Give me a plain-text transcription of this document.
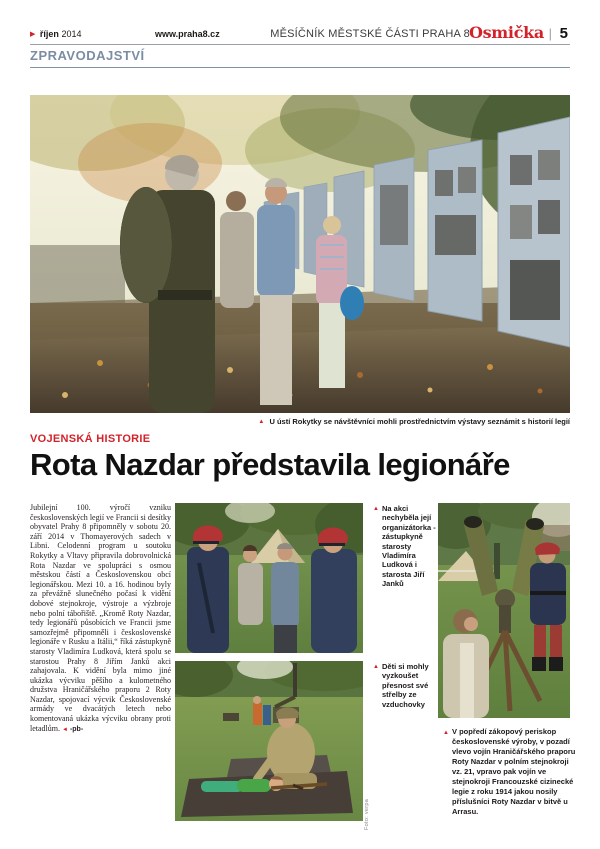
▶ říjen 2014	www.praha8.cz	MĚSÍČNÍK MĚSTSKÉ ČÁSTI PRAHA 8
Osmička | 5
ZPRAVODAJSTVÍ
▲ U ústí Rokytky se návštěvníci mohli prostřednictvím výstavy seznámit s historií legií
VOJENSKÁ HISTORIE
Rota Nazdar představila legionáře

Jubilejní 100. výročí vzniku československých legií ve Francii si desítky obyvatel Prahy 8 připomněly v sobotu 20. září 2014 v Thomayerových sadech v Libni. Celodenní program u soutoku Rokytky a Vltavy připravila dobrovolnická Rota Nazdar ve spolupráci s osmou městskou částí a Československou obcí legionářskou. Mezi 10. a 16. hodinou byly za převážně slunečného počasí k vidění dobové stejnokroje, výstroje a výzbroje nebo polní tábořiště. „Kromě Roty Nazdar, tedy legionářů působících ve Francii jsme samozřejmě připomněli i československé legionáře v Rusku a Itálii,“ říká zástupkyně starosty Vladimíra Ludková, která spolu se starostou Prahy 8 Jiřím Janků akci zahajovala. K vidění byla mimo jiné ukázka výcviku pěšího a kulometného družstva Hraničářského praporu 2 Roty Nazdar, spojovací výcvik Československé armády ve dvacátých letech nebo komentovaná ukázka výcviku obrany proti letadlům. ◄ -pb-

▲ Na akci nechyběla její organizátorka - zástupkyně starosty Vladimíra Ludková i starosta Jiří Janků
▲ Děti si mohly vyzkoušet přesnost své střelby ze vzduchovky
▲ V popředí zákopový periskop československé výroby, v pozadí vlevo vojín Hraničářského praporu Roty Nazdar v polním stejnokroji vz. 21, vpravo pak vojín ve stejnokroji Francouzské cizinecké legie z roku 1914 jakou nosily příslušníci Roty Nazdar v bitvě u Arrasu.
Foto: verpa
